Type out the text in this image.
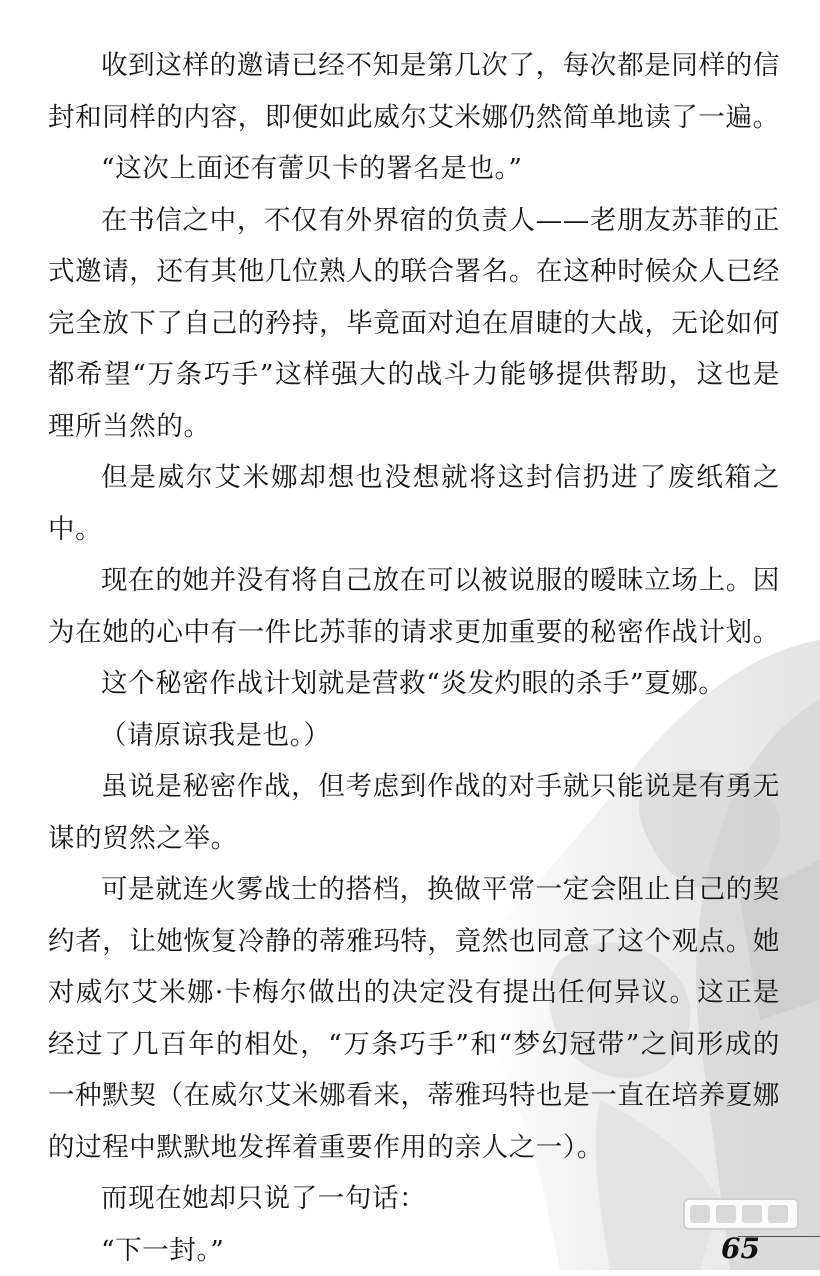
收到这样的邀请已经不知是第几次了，每次都是同样的信封和同样的内容，即便如此威尔艾米娜仍然简单地读了一遍。

“这次上面还有蕾贝卡的署名是也。”

在书信之中，不仅有外界宿的负责人——老朋友苏菲的正式邀请，还有其他几位熟人的联合署名。在这种时候众人已经完全放下了自己的矜持，毕竟面对迫在眉睫的大战，无论如何都希望“万条巧手”这样强大的战斗力能够提供帮助，这也是理所当然的。

但是威尔艾米娜却想也没想就将这封信扔进了废纸箱之中。

现在的她并没有将自己放在可以被说服的暧昧立场上。因为在她的心中有一件比苏菲的请求更加重要的秘密作战计划。

这个秘密作战计划就是营救“炎发灼眼的杀手”夏娜。

（请原谅我是也。）

虽说是秘密作战，但考虑到作战的对手就只能说是有勇无谋的贸然之举。

可是就连火雾战士的搭档，换做平常一定会阻止自己的契约者，让她恢复冷静的蒂雅玛特，竟然也同意了这个观点。她对威尔艾米娜·卡梅尔做出的决定没有提出任何异议。这正是经过了几百年的相处，“万条巧手”和“梦幻冠带”之间形成的一种默契（在威尔艾米娜看来，蒂雅玛特也是一直在培养夏娜的过程中默默地发挥着重要作用的亲人之一）。

而现在她却只说了一句话：

“下一封。”	65
